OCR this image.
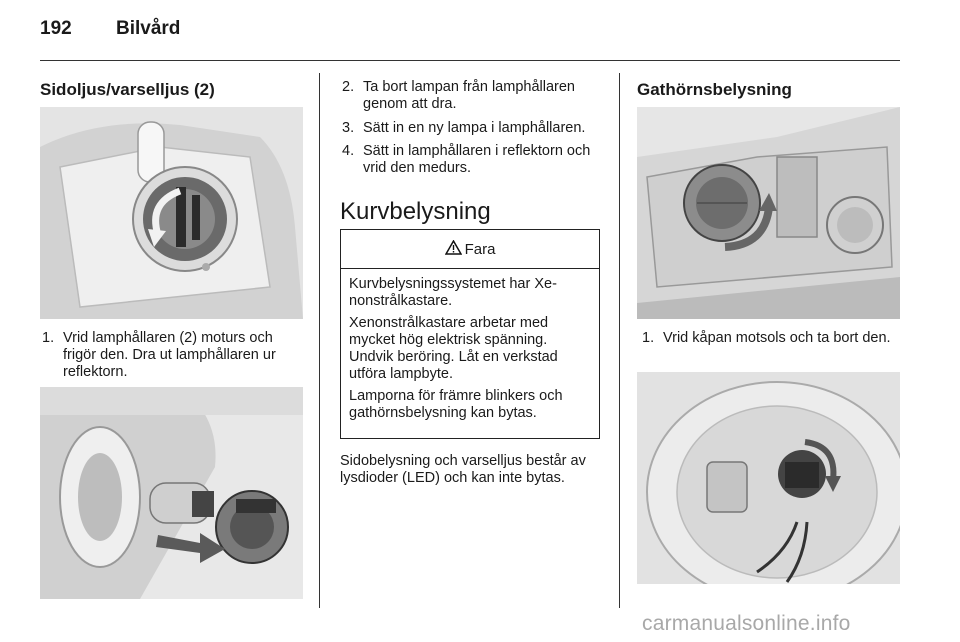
192 Bilvård
Sidoljus/varselljus (2)
1. Vrid lamphållaren (2) moturs och frigör den. Dra ut lamphållaren ur reflektorn.
2. Ta bort lampan från lamphållaren genom att dra.
3. Sätt in en ny lampa i lamphållaren.
4. Sätt in lamphållaren i reflektorn och vrid den medurs.
Kurvbelysning
Fara

Kurvbelysningssystemet har Xenonstrålkastare.

Xenonstrålkastare arbetar med mycket hög elektrisk spänning. Undvik beröring. Låt en verkstad utföra lampbyte.

Lamporna för främre blinkers och gathörnsbelysning kan bytas.

Sidobelysning och varselljus består av lysdioder (LED) och kan inte bytas.
Gathörnsbelysning
1. Vrid kåpan motsols och ta bort den.
carmanualsonline.info
